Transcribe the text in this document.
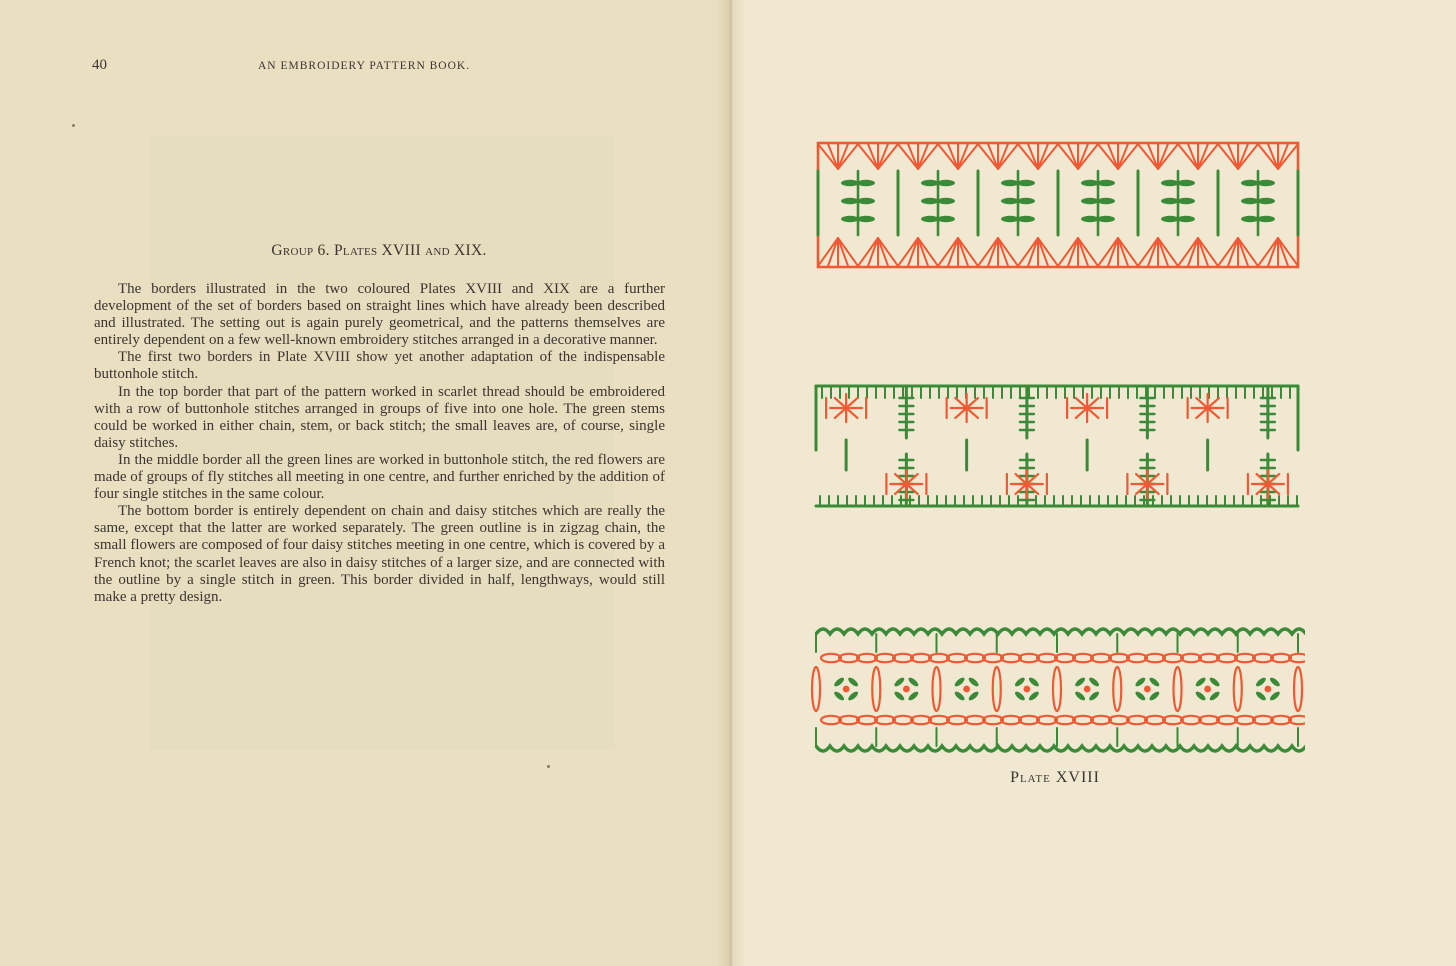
40	AN EMBROIDERY PATTERN BOOK.
Group 6. Plates XVIII and XIX.

The borders illustrated in the two coloured Plates XVIII and XIX are a further development of the set of borders based on straight lines which have already been described and illustrated. The setting out is again purely geometrical, and the patterns themselves are entirely dependent on a few well-known embroidery stitches arranged in a decorative manner.

The first two borders in Plate XVIII show yet another adaptation of the indispensable buttonhole stitch.

In the top border that part of the pattern worked in scarlet thread should be embroidered with a row of buttonhole stitches arranged in groups of five into one hole. The green stems could be worked in either chain, stem, or back stitch; the small leaves are, of course, single daisy stitches.

In the middle border all the green lines are worked in buttonhole stitch, the red flowers are made of groups of fly stitches all meeting in one centre, and further enriched by the addition of four single stitches in the same colour.

The bottom border is entirely dependent on chain and daisy stitches which are really the same, except that the latter are worked separately. The green outline is in zigzag chain, the small flowers are composed of four daisy stitches meeting in one centre, which is covered by a French knot; the scarlet leaves are also in daisy stitches of a larger size, and are connected with the outline by a single stitch in green. This border divided in half, lengthways, would still make a pretty design.

Plate XVIII
